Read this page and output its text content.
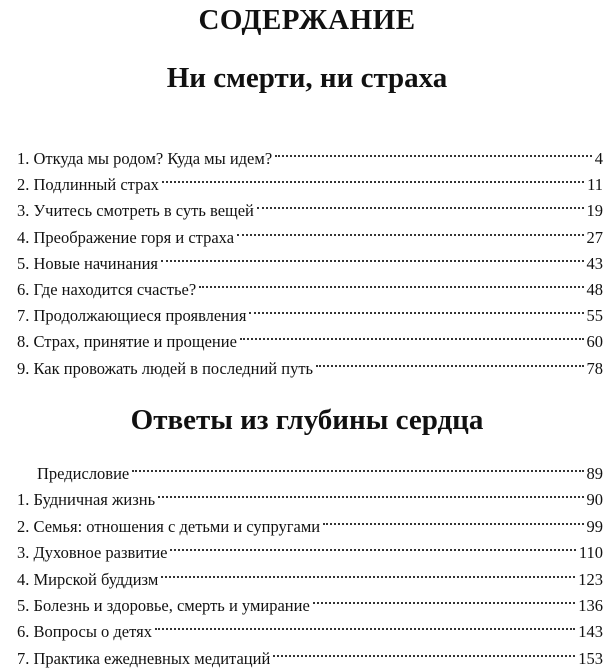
СОДЕРЖАНИЕ
Ни смерти, ни страха
1. Откуда мы родом? Куда мы идем?	4
2. Подлинный страх	11
3. Учитесь смотреть в суть вещей	19
4. Преображение горя и страха	27
5. Новые начинания	43
6. Где находится счастье?	48
7. Продолжающиеся проявления	55
8. Страх, принятие и прощение	60
9. Как провожать людей в последний путь	78
Ответы из глубины сердца
Предисловие	89
1. Будничная жизнь	90
2. Семья: отношения с детьми и супругами	99
3. Духовное развитие	110
4. Мирской буддизм	123
5. Болезнь и здоровье, смерть и умирание	136
6. Вопросы о детях	143
7. Практика ежедневных медитаций	153
